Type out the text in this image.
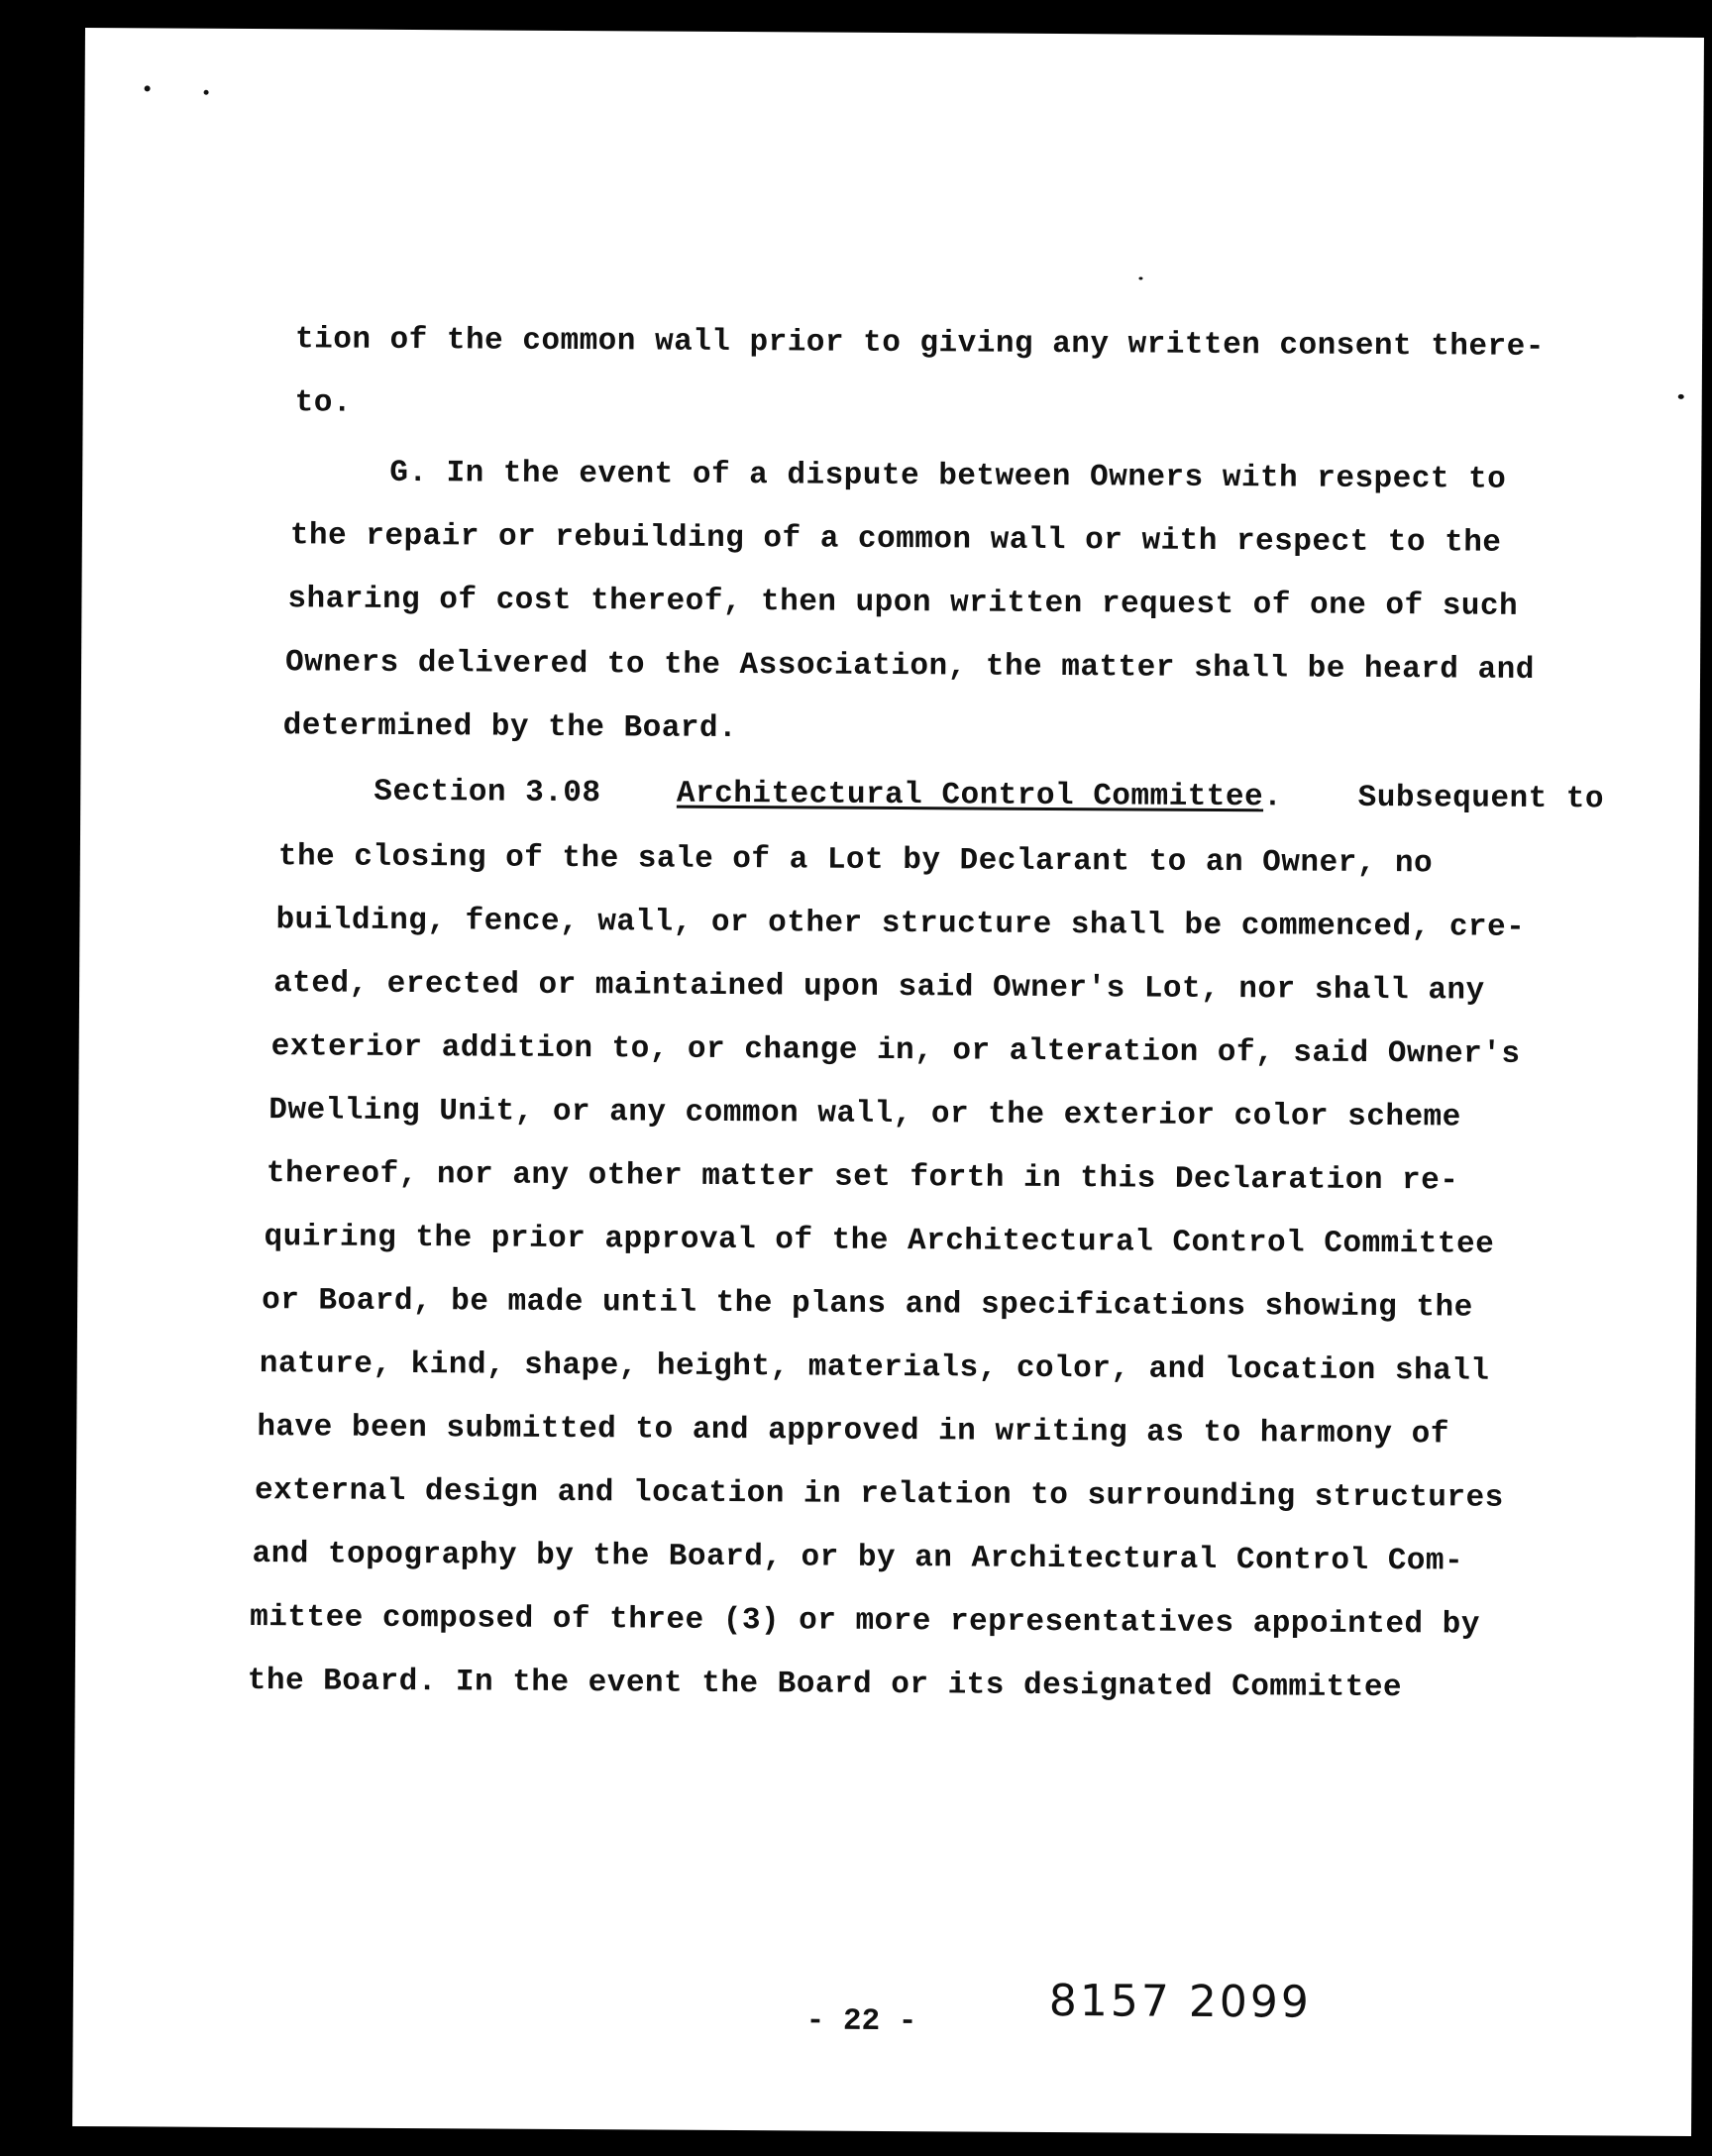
tion of the common wall prior to giving any written consent there-
to.
G. In the event of a dispute between Owners with respect to
the repair or rebuilding of a common wall or with respect to the
sharing of cost thereof, then upon written request of one of such
Owners delivered to the Association, the matter shall be heard and
determined by the Board.
Section 3.08 Architectural Control Committee. Subsequent to
the closing of the sale of a Lot by Declarant to an Owner, no
building, fence, wall, or other structure shall be commenced, cre-
ated, erected or maintained upon said Owner's Lot, nor shall any
exterior addition to, or change in, or alteration of, said Owner's
Dwelling Unit, or any common wall, or the exterior color scheme
thereof, nor any other matter set forth in this Declaration re-
quiring the prior approval of the Architectural Control Committee
or Board, be made until the plans and specifications showing the
nature, kind, shape, height, materials, color, and location shall
have been submitted to and approved in writing as to harmony of
external design and location in relation to surrounding structures
and topography by the Board, or by an Architectural Control Com-
mittee composed of three (3) or more representatives appointed by
the Board. In the event the Board or its designated Committee
- 22 -	8157 2099
